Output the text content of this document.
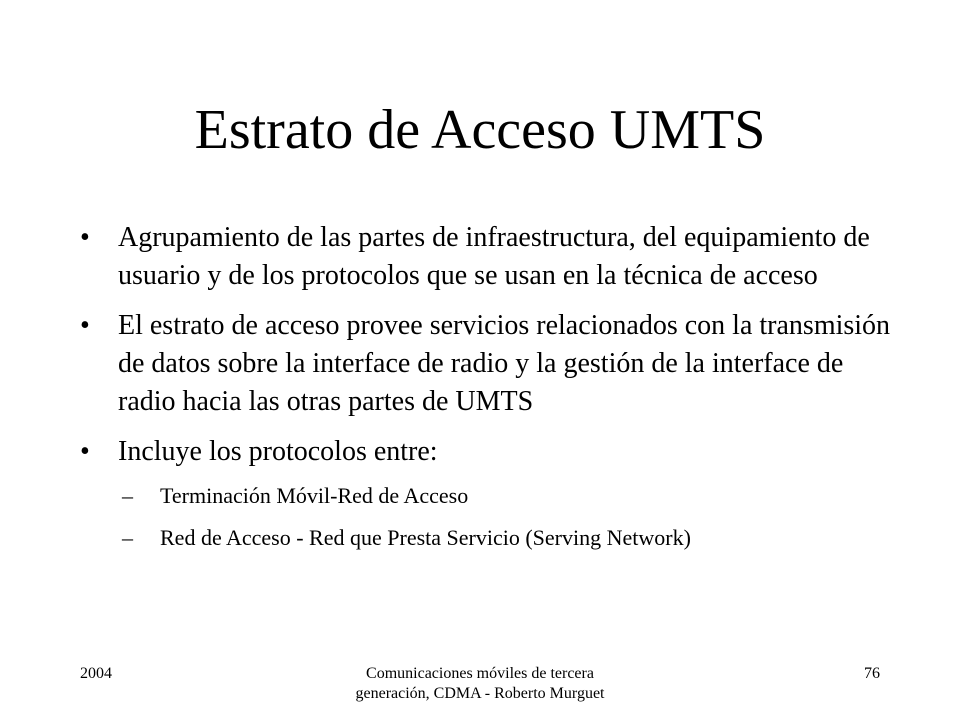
Estrato de Acceso UMTS
• Agrupamiento de las partes de infraestructura, del equipamiento de usuario y de los protocolos que se usan en la técnica de acceso
• El estrato de acceso provee servicios relacionados con la transmisión de datos sobre la interface de radio y la gestión de la interface de radio hacia las otras partes de UMTS
• Incluye los protocolos entre:
– Terminación Móvil-Red de Acceso
– Red de Acceso - Red que Presta Servicio (Serving Network)
2004	Comunicaciones móviles de tercera generación, CDMA - Roberto Murguet
76
